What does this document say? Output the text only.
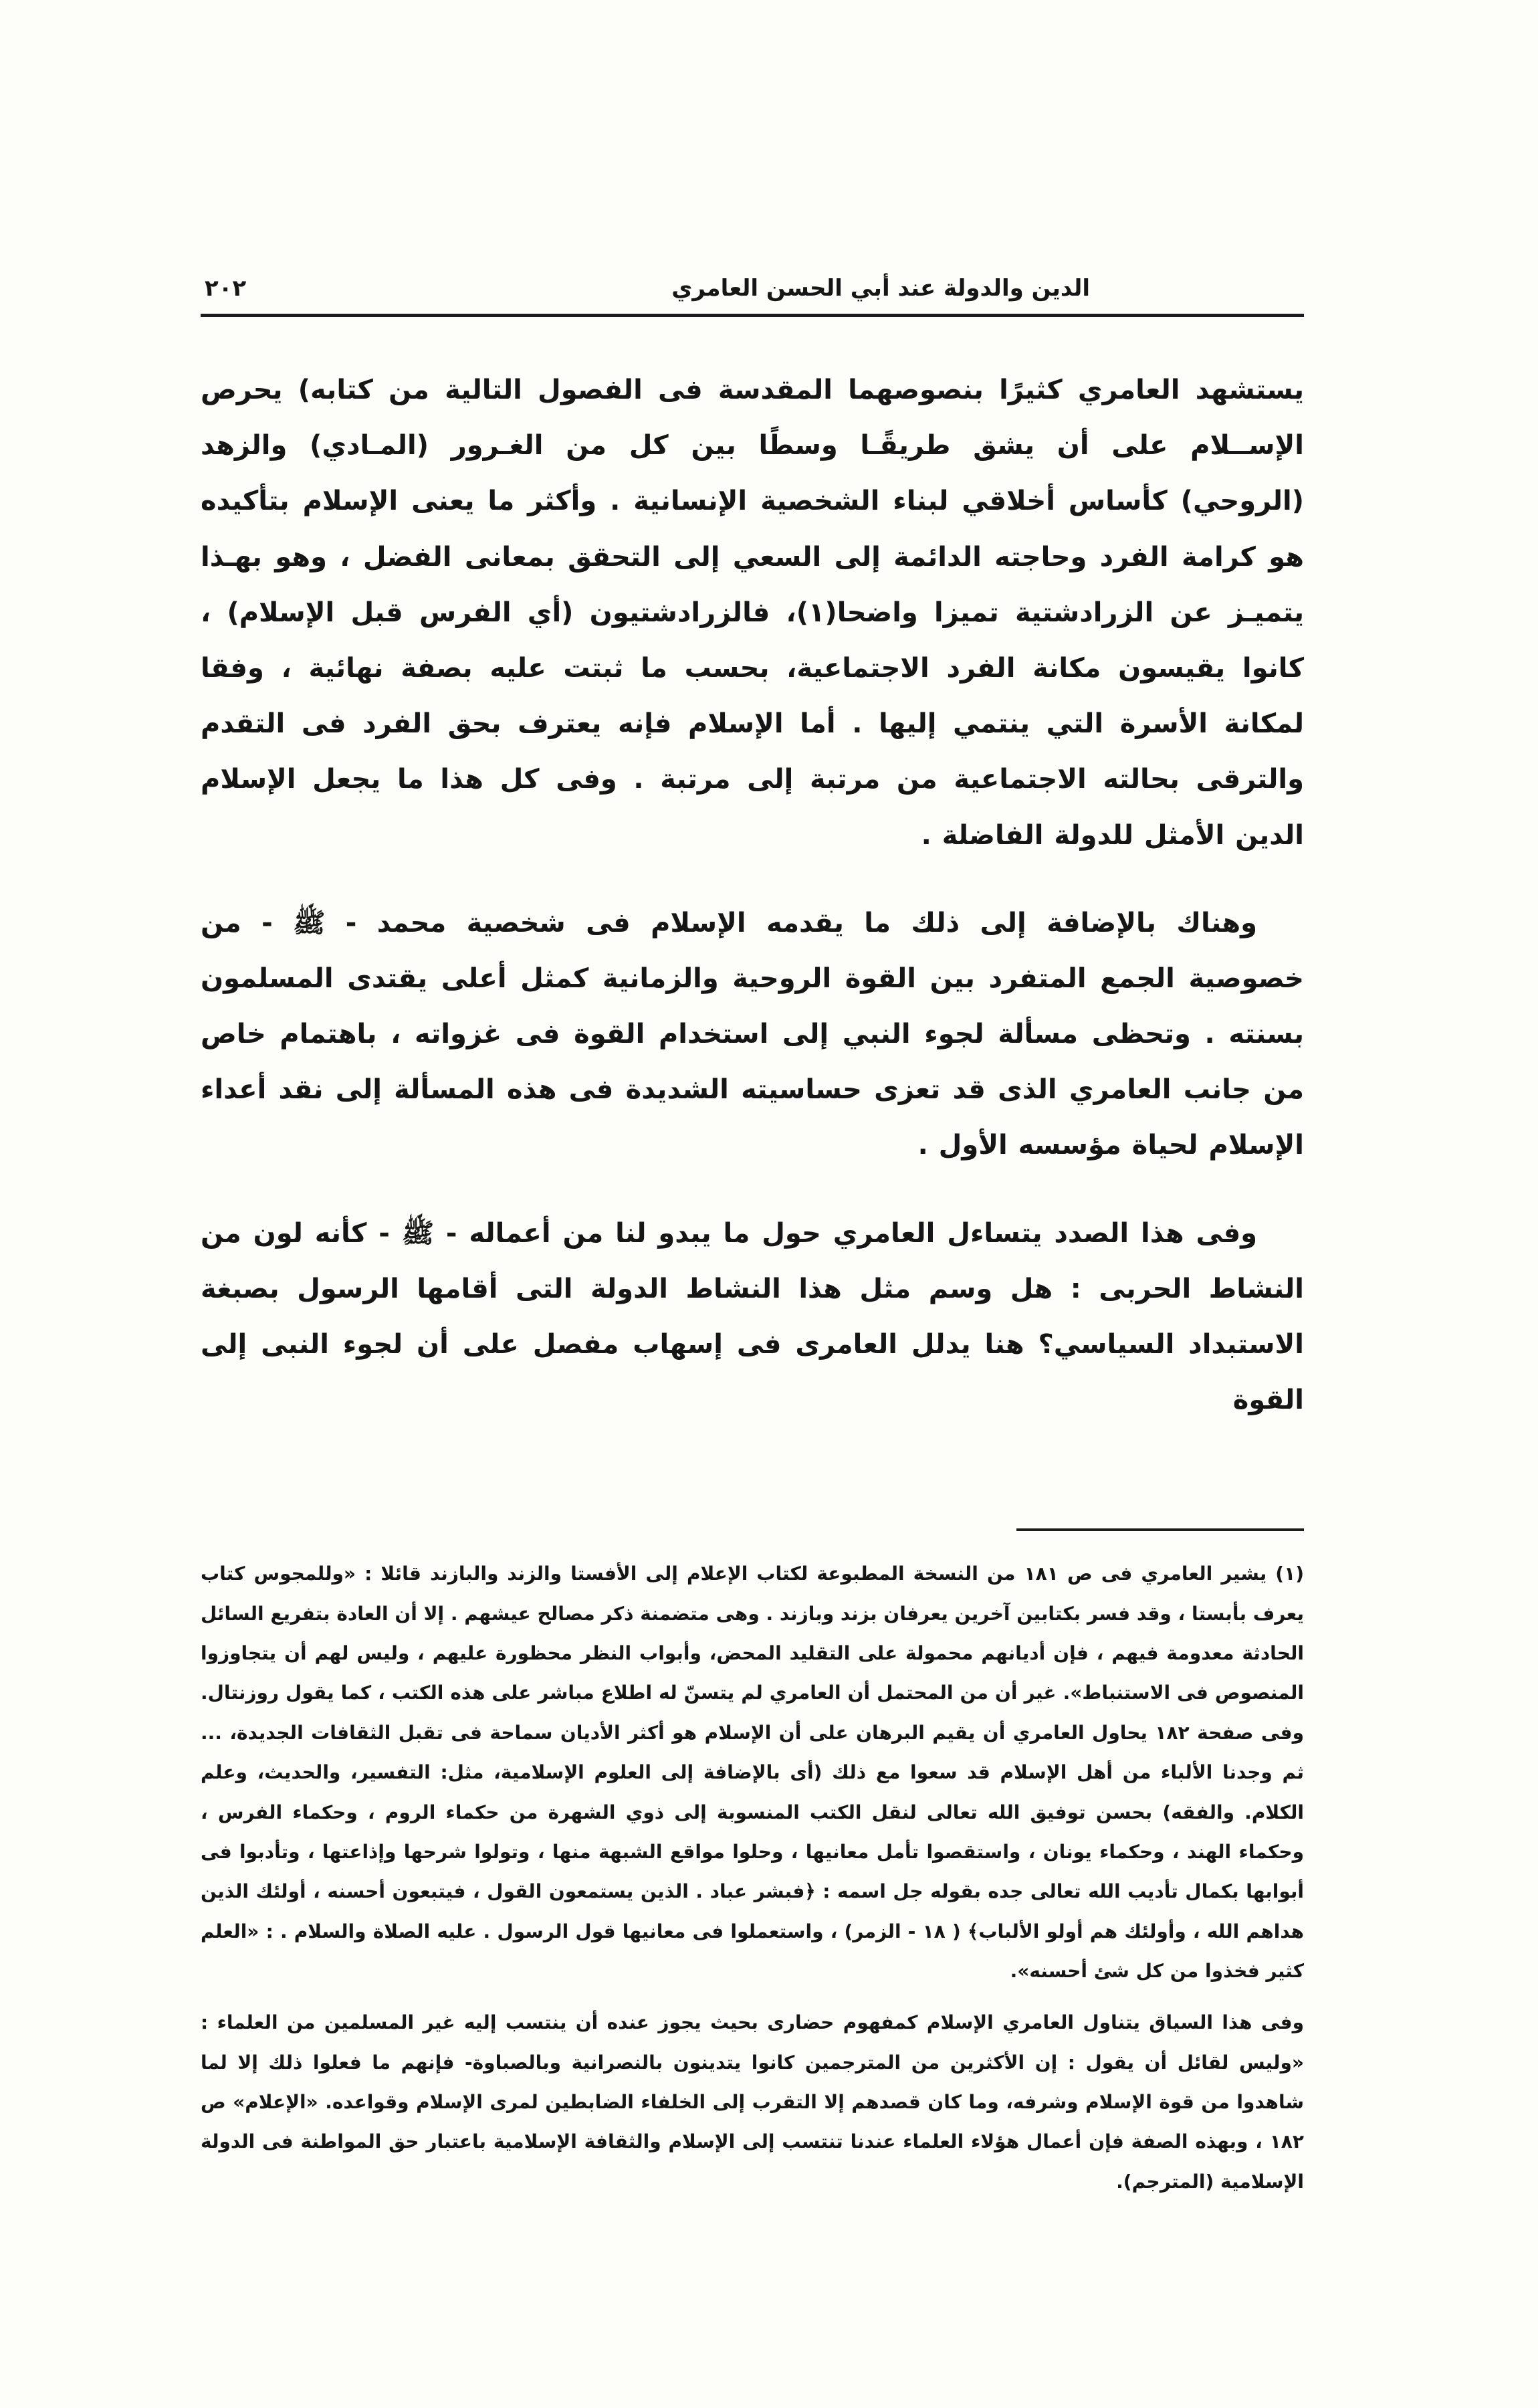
الدين والدولة عند أبي الحسن العامري
٢٠٢

يستشهد العامري كثيرًا بنصوصهما المقدسة فى الفصول التالية من كتابه) يحرص الإســلام على أن يشق طريقًـا وسطًا بين كل من الغـرور (المـادي) والزهد (الروحي) كأساس أخلاقي لبناء الشخصية الإنسانية . وأكثر ما يعنى الإسلام بتأكيده هو كرامة الفرد وحاجته الدائمة إلى السعي إلى التحقق بمعانى الفضل ، وهو بهـذا يتميـز عن الزرادشتية تميزا واضحا(١)، فالزرادشتيون (أي الفرس قبل الإسلام) ، كانوا يقيسون مكانة الفرد الاجتماعية، بحسب ما ثبتت عليه بصفة نهائية ، وفقا لمكانة الأسرة التي ينتمي إليها . أما الإسلام فإنه يعترف بحق الفرد فى التقدم والترقى بحالته الاجتماعية من مرتبة إلى مرتبة . وفى كل هذا ما يجعل الإسلام الدين الأمثل للدولة الفاضلة .

وهناك بالإضافة إلى ذلك ما يقدمه الإسلام فى شخصية محمد - ﷺ - من خصوصية الجمع المتفرد بين القوة الروحية والزمانية كمثل أعلى يقتدى المسلمون بسنته . وتحظى مسألة لجوء النبي إلى استخدام القوة فى غزواته ، باهتمام خاص من جانب العامري الذى قد تعزى حساسيته الشديدة فى هذه المسألة إلى نقد أعداء الإسلام لحياة مؤسسه الأول .

وفى هذا الصدد يتساءل العامري حول ما يبدو لنا من أعماله - ﷺ - كأنه لون من النشاط الحربى : هل وسم مثل هذا النشاط الدولة التى أقامها الرسول بصبغة الاستبداد السياسي؟ هنا يدلل العامرى فى إسهاب مفصل على أن لجوء النبى إلى القوة

(١) يشير العامري فى ص ١٨١ من النسخة المطبوعة لكتاب الإعلام إلى الأفستا والزند والبازند قائلا : «وللمجوس كتاب يعرف بأبستا ، وقد فسر بكتابين آخرين يعرفان بزند وبازند . وهى متضمنة ذكر مصالح عيشهم . إلا أن العادة بتفريع السائل الحادثة معدومة فيهم ، فإن أديانهم محمولة على التقليد المحض، وأبواب النظر محظورة عليهم ، وليس لهم أن يتجاوزوا المنصوص فى الاستنباط». غير أن من المحتمل أن العامري لم يتسنّ له اطلاع مباشر على هذه الكتب ، كما يقول روزنتال. وفى صفحة ١٨٢ يحاول العامري أن يقيم البرهان على أن الإسلام هو أكثر الأديان سماحة فى تقبل الثقافات الجديدة، ... ثم وجدنا الألباء من أهل الإسلام قد سعوا مع ذلك (أى بالإضافة إلى العلوم الإسلامية، مثل: التفسير، والحديث، وعلم الكلام. والفقه) بحسن توفيق الله تعالى لنقل الكتب المنسوبة إلى ذوي الشهرة من حكماء الروم ، وحكماء الفرس ، وحكماء الهند ، وحكماء يونان ، واستقصوا تأمل معانيها ، وحلوا مواقع الشبهة منها ، وتولوا شرحها وإذاعتها ، وتأدبوا فى أبوابها بكمال تأديب الله تعالى جده بقوله جل اسمه : ﴿فبشر عباد . الذين يستمعون القول ، فيتبعون أحسنه ، أولئك الذين هداهم الله ، وأولئك هم أولو الألباب﴾ ( ١٨ - الزمر) ، واستعملوا فى معانيها قول الرسول . عليه الصلاة والسلام . : «العلم كثير فخذوا من كل شئ أحسنه».

وفى هذا السياق يتناول العامري الإسلام كمفهوم حضارى بحيث يجوز عنده أن ينتسب إليه غير المسلمين من العلماء : «وليس لقائل أن يقول : إن الأكثرين من المترجمين كانوا يتدينون بالنصرانية وبالصباوة- فإنهم ما فعلوا ذلك إلا لما شاهدوا من قوة الإسلام وشرفه، وما كان قصدهم إلا التقرب إلى الخلفاء الضابطين لمرى الإسلام وقواعده. «الإعلام» ص ١٨٢ ، وبهذه الصفة فإن أعمال هؤلاء العلماء عندنا تنتسب إلى الإسلام والثقافة الإسلامية باعتبار حق المواطنة فى الدولة الإسلامية (المترجم).
